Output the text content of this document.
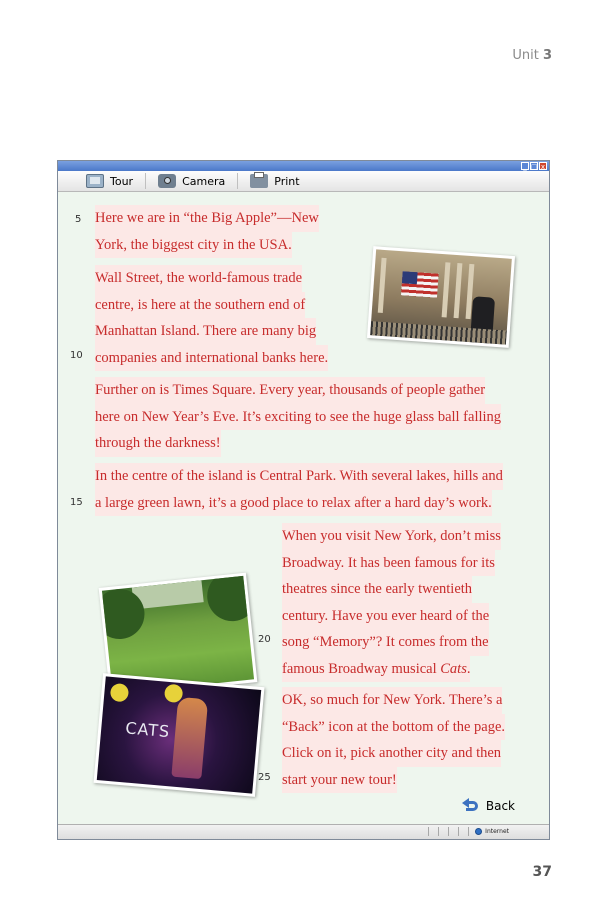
Unit 3
_ □ x
Tour	Camera	Print
5
10
15
20
25
Here we are in “the Big Apple”—New
York, the biggest city in the USA.
Wall Street, the world-famous trade
centre, is here at the southern end of
Manhattan Island. There are many big
companies and international banks here.
Further on is Times Square. Every year, thousands of people gather
here on New Year’s Eve. It’s exciting to see the huge glass ball falling
through the darkness!
In the centre of the island is Central Park. With several lakes, hills and
a large green lawn, it’s a good place to relax after a hard day’s work.
When you visit New York, don’t miss
Broadway. It has been famous for its
theatres since the early twentieth
century. Have you ever heard of the
song “Memory”? It comes from the
famous Broadway musical Cats.
OK, so much for New York. There’s a
“Back” icon at the bottom of the page.
Click on it, pick another city and then
start your new tour!
CATS
Back
Internet
37
